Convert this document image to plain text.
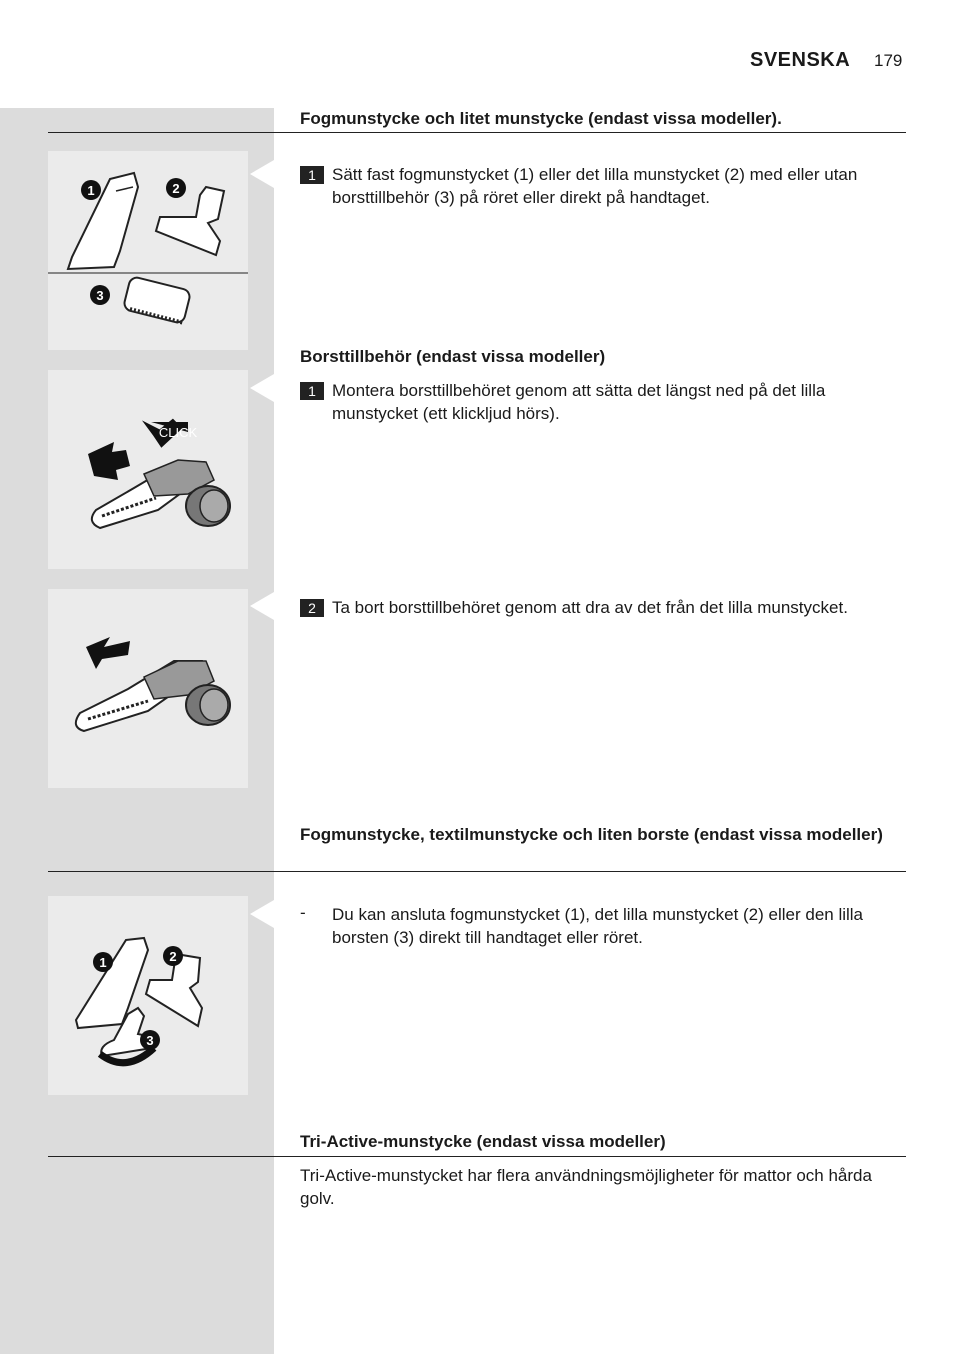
SVENSKA 179
Fogmunstycke och litet munstycke (endast vissa modeller).
1	2
3
1 Sätt fast fogmunstycket (1) eller det lilla munstycket (2) med eller utan borsttillbehör (3) på röret eller direkt på handtaget.
Borsttillbehör (endast vissa modeller)
CLICK
1 Montera borsttillbehöret genom att sätta det längst ned på det lilla munstycket (ett klickljud hörs).
2 Ta bort borsttillbehöret genom att dra av det från det lilla munstycket.
Fogmunstycke, textilmunstycke och liten borste (endast vissa modeller)
1	2
3
- Du kan ansluta fogmunstycket (1), det lilla munstycket (2) eller den lilla borsten (3) direkt till handtaget eller röret.
Tri-Active-munstycke (endast vissa modeller)
Tri-Active-munstycket har flera användningsmöjligheter för mattor och hårda golv.
